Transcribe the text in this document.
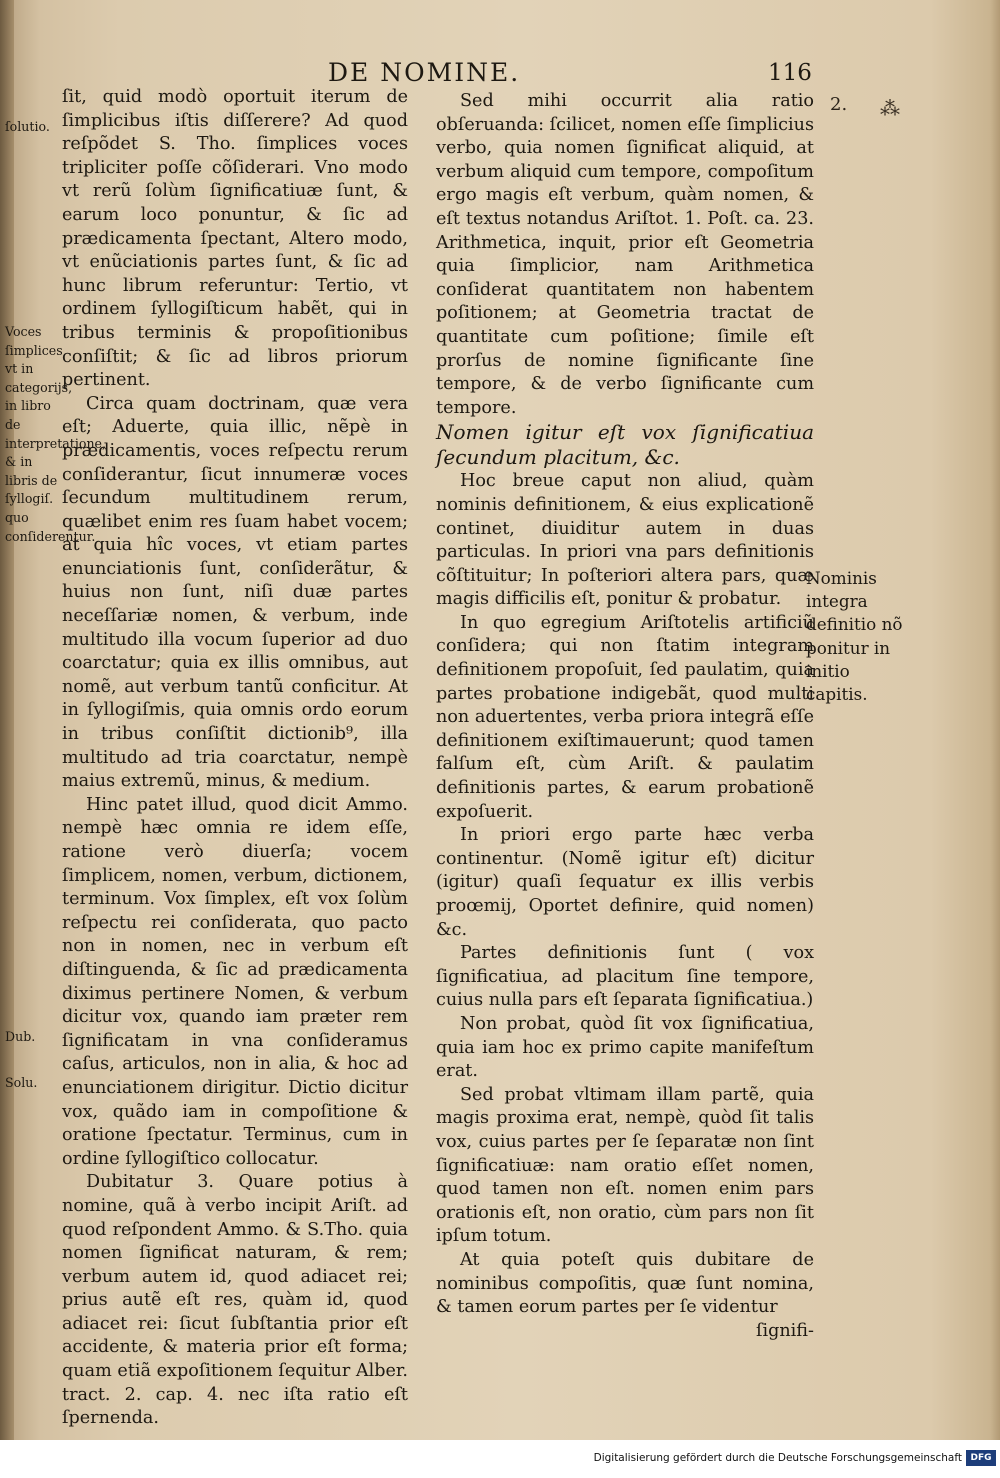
DE NOMINE.	116
2. ⁂
ſolutio.
Voces ſimplices vt in categorijs, in libro de interpretatione, & in libris de ſyllogiſ. quo conſiderentur.
Dub.
Solu.

ſit, quid modò oportuit iterum de ſimplicibus iſtis diſſerere? Ad quod reſpõdet S. Tho. ſimplices voces tripliciter poſſe cõſiderari. Vno modo vt rerũ ſolùm ſignificatiuæ ſunt, & earum loco ponuntur, & ſic ad prædicamenta ſpectant, Altero modo, vt enũciationis partes ſunt, & ſic ad hunc librum referuntur: Tertio, vt ordinem ſyllogiſticum habẽt, qui in tribus terminis & propoſitionibus conſiſtit; & ſic ad libros priorum pertinent.

Circa quam doctrinam, quæ vera eſt; Aduerte, quia illic, nẽpè in prædicamentis, voces reſpectu rerum conſiderantur, ſicut innumeræ voces ſecundum multitudinem rerum, quælibet enim res ſuam habet vocem; at quia hîc voces, vt etiam partes enunciationis ſunt, conſiderãtur, & huius non ſunt, niſi duæ partes neceſſariæ nomen, & verbum, inde multitudo illa vocum ſuperior ad duo coarctatur; quia ex illis omnibus, aut nomẽ, aut verbum tantũ conficitur. At in ſyllogiſmis, quia omnis ordo eorum in tribus conſiſtit dictionib⁹, illa multitudo ad tria coarctatur, nempè maius extremũ, minus, & medium.

Hinc patet illud, quod dicit Ammo. nempè hæc omnia re idem eſſe, ratione verò diuerſa; vocem ſimplicem, nomen, verbum, dictionem, terminum. Vox ſimplex, eſt vox ſolùm reſpectu rei conſiderata, quo pacto non in nomen, nec in verbum eſt diſtinguenda, & ſic ad prædicamenta diximus pertinere Nomen, & verbum dicitur vox, quando iam præter rem ſignificatam in vna conſideramus caſus, articulos, non in alia, & hoc ad enunciationem dirigitur. Dictio dicitur vox, quãdo iam in compoſitione & oratione ſpectatur. Terminus, cum in ordine ſyllogiſtico collocatur.

Dubitatur 3. Quare potius à nomine, quã à verbo incipit Ariſt. ad quod reſpondent Ammo. & S.Tho. quia nomen ſignificat naturam, & rem; verbum autem id, quod adiacet rei; prius autẽ eſt res, quàm id, quod adiacet rei: ſicut ſubſtantia prior eſt accidente, & materia prior eſt forma; quam etiã expoſitionem ſequitur Alber. tract. 2. cap. 4. nec iſta ratio eſt ſpernenda.

Sed mihi occurrit alia ratio obſeruanda: ſcilicet, nomen eſſe ſimplicius verbo, quia nomen ſignificat aliquid, at verbum aliquid cum tempore, compoſitum ergo magis eſt verbum, quàm nomen, & eſt textus notandus Ariſtot. 1. Poſt. ca. 23. Arithmetica, inquit, prior eſt Geometria quia ſimplicior, nam Arithmetica conſiderat quantitatem non habentem poſitionem; at Geometria tractat de quantitate cum poſitione; ſimile eſt prorſus de nomine ſignificante ſine tempore, & de verbo ſignificante cum tempore.

Nomen igitur eſt vox ſignificatiua ſecundum placitum, &c.

Hoc breue caput non aliud, quàm nominis definitionem, & eius explicationẽ continet, diuiditur autem in duas particulas. In priori vna pars definitionis cõſtituitur; In poſteriori altera pars, quæ magis difficilis eſt, ponitur & probatur.

In quo egregium Ariſtotelis artificiũ conſidera; qui non ſtatim integram definitionem propoſuit, ſed paulatim, quia partes probatione indigebãt, quod multi non aduertentes, verba priora integrã eſſe definitionem exiſtimauerunt; quod tamen falſum eſt, cùm Ariſt. & paulatim definitionis partes, & earum probationẽ expoſuerit.

In priori ergo parte hæc verba continentur. (Nomẽ igitur eſt) dicitur (igitur) quaſi ſequatur ex illis verbis proœmij, Oportet definire, quid nomen) &c.

Partes definitionis ſunt ( vox ſignificatiua, ad placitum ſine tempore, cuius nulla pars eſt ſeparata ſignificatiua.)

Non probat, quòd ſit vox ſignificatiua, quia iam hoc ex primo capite manifeſtum erat.

Sed probat vltimam illam partẽ, quia magis proxima erat, nempè, quòd ſit talis vox, cuius partes per ſe ſeparatæ non ſint ſignificatiuæ: nam oratio eſſet nomen, quod tamen non eſt. nomen enim pars orationis eſt, non oratio, cùm pars non ſit ipſum totum.

At quia poteſt quis dubitare de nominibus compoſitis, quæ ſunt nomina, & tamen eorum partes per ſe videntur

ſignifi-

Nominis integra definitio nõ ponitur in initio capitis.
Digitalisierung gefördert durch die Deutsche Forschungsgemeinschaft DFG
